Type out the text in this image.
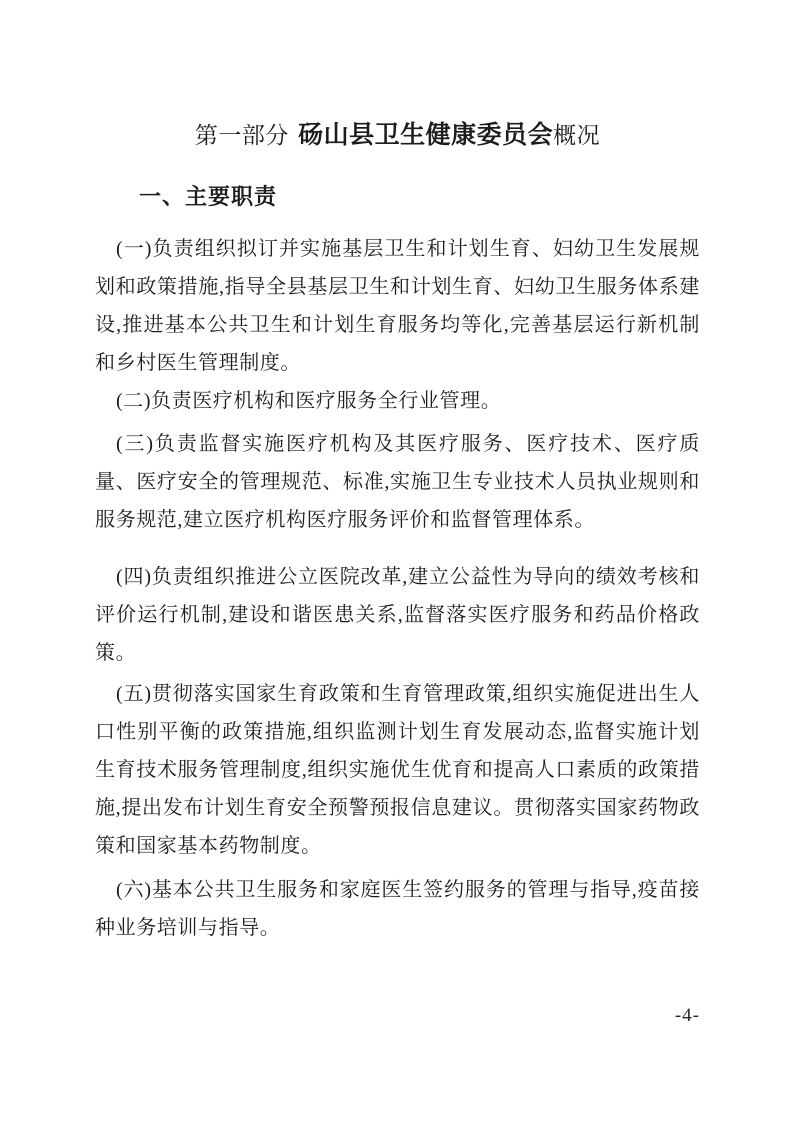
第一部分 砀山县卫生健康委员会概况
一、主要职责

(一)负责组织拟订并实施基层卫生和计划生育、妇幼卫生发展规划和政策措施,指导全县基层卫生和计划生育、妇幼卫生服务体系建设,推进基本公共卫生和计划生育服务均等化,完善基层运行新机制和乡村医生管理制度。

(二)负责医疗机构和医疗服务全行业管理。

(三)负责监督实施医疗机构及其医疗服务、医疗技术、医疗质量、医疗安全的管理规范、标准,实施卫生专业技术人员执业规则和服务规范,建立医疗机构医疗服务评价和监督管理体系。

(四)负责组织推进公立医院改革,建立公益性为导向的绩效考核和评价运行机制,建设和谐医患关系,监督落实医疗服务和药品价格政策。

(五)贯彻落实国家生育政策和生育管理政策,组织实施促进出生人口性别平衡的政策措施,组织监测计划生育发展动态,监督实施计划生育技术服务管理制度,组织实施优生优育和提高人口素质的政策措施,提出发布计划生育安全预警预报信息建议。贯彻落实国家药物政策和国家基本药物制度。

(六)基本公共卫生服务和家庭医生签约服务的管理与指导,疫苗接种业务培训与指导。

-4-
